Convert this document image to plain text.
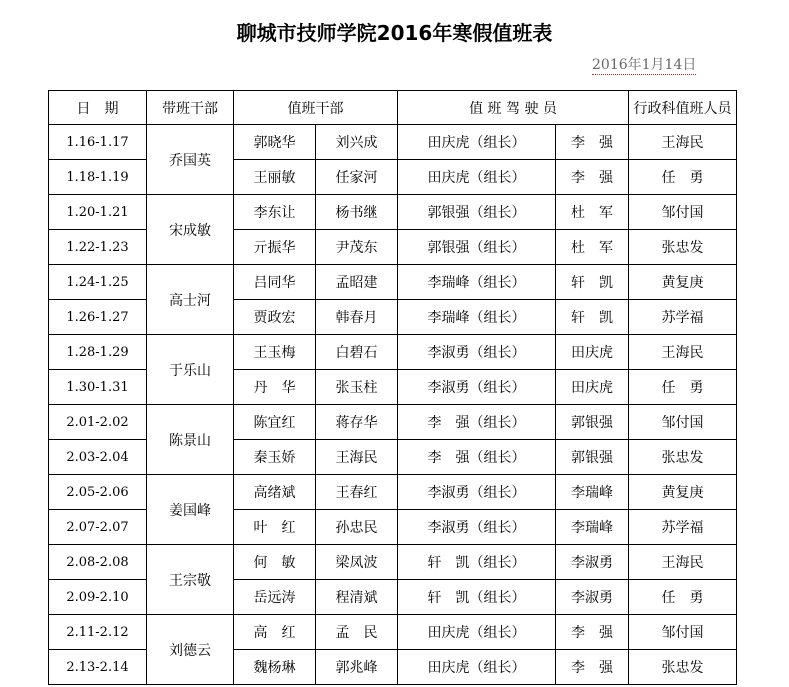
聊城市技师学院2016年寒假值班表
2016年1月14日
日　期	带班干部	值班干部		值 班 驾 驶 员		行政科值班人员
1.16-1.17	乔国英	郭晓华	刘兴成	田庆虎（组长）	李　强	王海民
1.18-1.19		王丽敏	任家河	田庆虎（组长）	李　强	任　勇
1.20-1.21	宋成敏	李东让	杨书继	郭银强（组长）	杜　军	邹付国
1.22-1.23		亓振华	尹茂东	郭银强（组长）	杜　军	张忠发
1.24-1.25	高士河	吕同华	孟昭建	李瑞峰（组长）	轩　凯	黄复庚
1.26-1.27		贾政宏	韩春月	李瑞峰（组长）	轩　凯	苏学福
1.28-1.29	于乐山	王玉梅	白碧石	李淑勇（组长）	田庆虎	王海民
1.30-1.31		丹　华	张玉柱	李淑勇（组长）	田庆虎	任　勇
2.01-2.02	陈景山	陈宜红	蒋存华	李　强（组长）	郭银强	邹付国
2.03-2.04		秦玉娇	王海民	李　强（组长）	郭银强	张忠发
2.05-2.06	姜国峰	高绪斌	王春红	李淑勇（组长）	李瑞峰	黄复庚
2.07-2.07		叶　红	孙忠民	李淑勇（组长）	李瑞峰	苏学福
2.08-2.08	王宗敬	何　敏	梁凤波	轩　凯（组长）	李淑勇	王海民
2.09-2.10		岳远涛	程清斌	轩　凯（组长）	李淑勇	任　勇
2.11-2.12	刘德云	高　红	孟　民	田庆虎（组长）	李　强	邹付国
2.13-2.14		魏杨琳	郭兆峰	田庆虎（组长）	李　强	张忠发
